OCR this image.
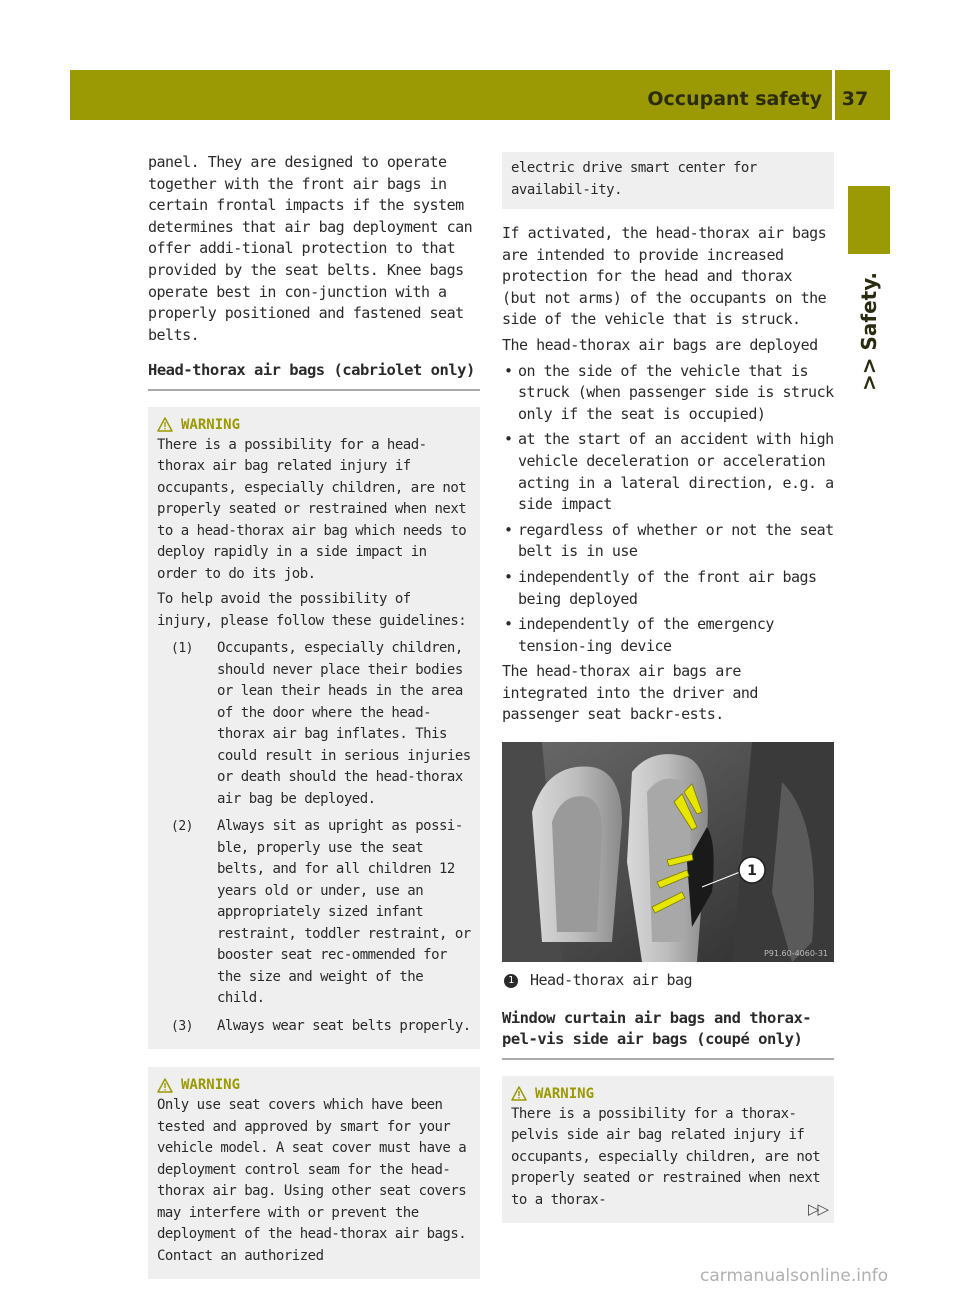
Occupant safety	37
>> Safety.

panel. They are designed to operate together with the front air bags in certain frontal impacts if the system determines that air bag deployment can offer addi-tional protection to that provided by the seat belts. Knee bags operate best in con-junction with a properly positioned and fastened seat belts.

Head-thorax air bags (cabriolet only)
WARNING

There is a possibility for a head-thorax air bag related injury if occupants, especially children, are not properly seated or restrained when next to a head-thorax air bag which needs to deploy rapidly in a side impact in order to do its job.

To help avoid the possibility of injury, please follow these guidelines:

(1)	Occupants, especially children, should never place their bodies or lean their heads in the area of the door where the head-thorax air bag inflates. This could result in serious injuries or death should the head-thorax air bag be deployed.
(2)	Always sit as upright as possi-ble, properly use the seat belts, and for all children 12 years old or under, use an appropriately sized infant restraint, toddler restraint, or booster seat rec-ommended for the size and weight of the child.
(3)	Always wear seat belts properly.
WARNING

Only use seat covers which have been tested and approved by smart for your vehicle model. A seat cover must have a deployment control seam for the head-thorax air bag. Using other seat covers may interfere with or prevent the deployment of the head-thorax air bags. Contact an authorized

electric drive smart center for availabil-ity.

If activated, the head-thorax air bags are intended to provide increased protection for the head and thorax (but not arms) of the occupants on the side of the vehicle that is struck.

The head-thorax air bags are deployed

• on the side of the vehicle that is struck (when passenger side is struck only if the seat is occupied)
• at the start of an accident with high vehicle deceleration or acceleration acting in a lateral direction, e.g. a side impact
• regardless of whether or not the seat belt is in use
• independently of the front air bags being deployed
• independently of the emergency tension-ing device

The head-thorax air bags are integrated into the driver and passenger seat backr-ests.

1
P91.60-4060-31
1 Head-thorax air bag
Window curtain air bags and thorax-pel-vis side air bags (coupé only)
WARNING

There is a possibility for a thorax-pelvis side air bag related injury if occupants, especially children, are not properly seated or restrained when next to a thorax-

▷▷
carmanualsonline.info
